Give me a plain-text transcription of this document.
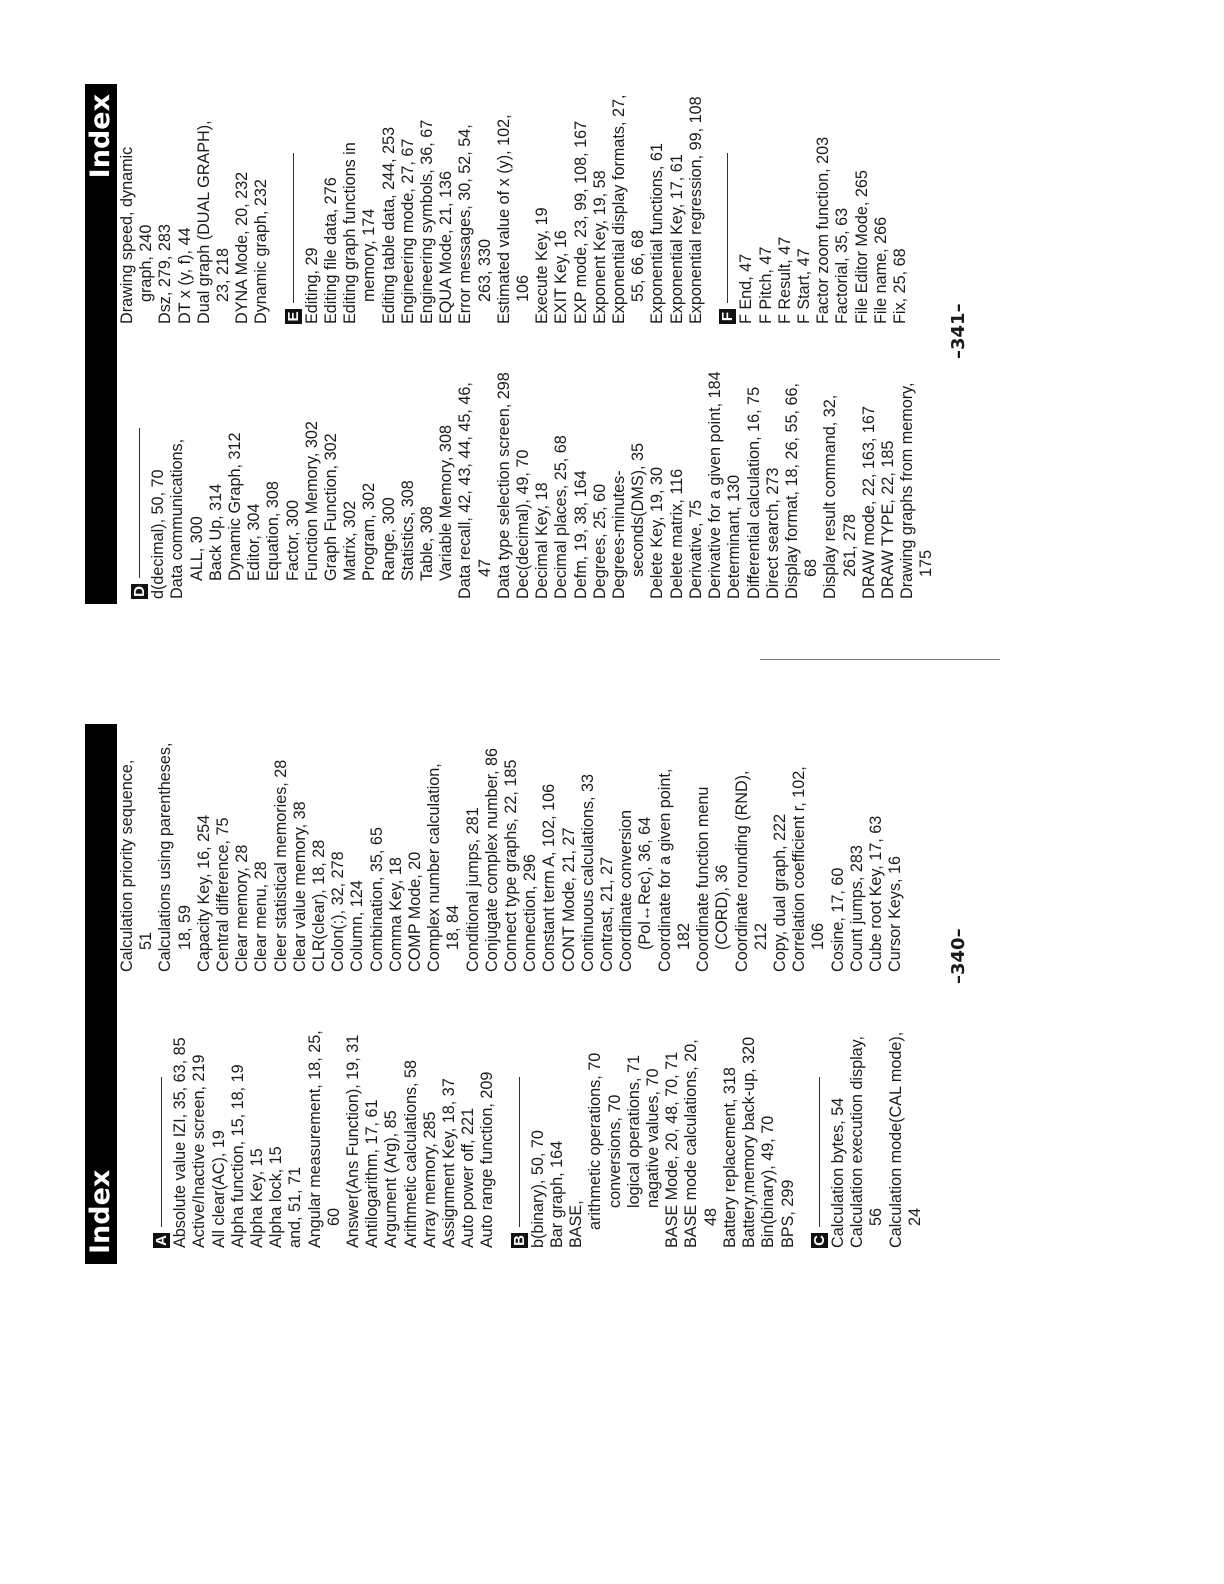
Index A Absolute value IZI, 35, 63, 85 Active/Inactive screen, 219 All clear(AC), 19 Alpha function, 15, 18, 19 Alpha Key, 15 Alpha lock, 15 and, 51, 71 Angular measurement, 18, 25, 60 Answer(Ans Function), 19, 31 Antilogarithm, 17, 61 Argument (Arg), 85 Arithmetic calculations, 58 Array memory, 285 Assignment Key, 18, 37 Auto power off, 221 Auto range function, 209 B b(binary), 50, 70 Bar graph, 164 BASE, arithmetic operations, 70 conversions, 70 logical operations, 71 nagative values, 70 BASE Mode, 20, 48, 70, 71 BASE mode calculations, 20, 48 Battery replacement, 318 Battery,memory back-up, 320 Bin(binary), 49, 70 BPS, 299 C Calculation bytes, 54 Calculation execution display, 56 Calculation mode(CAL mode), 24
Calculation priority sequence, 51 Calculations using parentheses, 18, 59 Capacity Key, 16, 254 Central difference, 75 Clear memory, 28 Clear menu, 28 Cleer statistical memories, 28 Clear value memory, 38 CLR(clear), 18, 28 Colon(:), 32, 278 Column, 124 Combination, 35, 65 Comma Key, 18 COMP Mode, 20 Complex number calculation, 18, 84 Conditional jumps, 281 Conjugate complex number, 86 Connect type graphs, 22, 185 Connection, 296 Constant term A, 102, 106 CONT Mode, 21, 27 Continuous calculations, 33 Contrast, 21, 27 Coordinate conversion (Pol↔Rec), 36, 64 Coordinate for a given point, 182 Coordinate function menu (CORD), 36 Coordinate rounding (RND), 212 Copy, dual graph, 222 Correlation coefficient r, 102, 106 Cosine, 17, 60 Count jumps, 283 Cube root Key, 17, 63 Cursor Keys, 16 –340–
Index
D d(decimal), 50, 70 Data communications, ALL, 300 Back Up, 314 Dynamic Graph, 312 Editor, 304 Equation, 308 Factor, 300 Function Memory, 302 Graph Function, 302 Matrix, 302 Program, 302 Range, 300 Statistics, 308 Table, 308 Variable Memory, 308 Data recall, 42, 43, 44, 45, 46, 47 Data type selection screen, 298 Dec(decimal), 49, 70 Decimal Key, 18 Decimal places, 25, 68 Defm, 19, 38, 164 Degrees, 25, 60 Degrees-minutes- seconds(DMS), 35 Delete Key, 19, 30 Delete matrix, 116 Derivative, 75 Derivative for a given point, 184 Determinant, 130 Differential calculation, 16, 75 Direct search, 273 Display format, 18, 26, 55, 66, 68 Display result command, 32, 261, 278 DRAW mode, 22, 163, 167 DRAW TYPE, 22, 185 Drawing graphs from memory, 175
Drawing speed, dynamic graph, 240 Dsz, 279, 283 DT x (y, f), 44 Dual graph (DUAL GRAPH), 23, 218 DYNA Mode, 20, 232 Dynamic graph, 232 E Editing, 29 Editing file data, 276 Editing graph functions in memory, 174 Editing table data, 244, 253 Engineering mode, 27, 67 Engineering symbols, 36, 67 EQUA Mode, 21, 136 Error messages, 30, 52, 54, 263, 330 Estimated value of x (y), 102, 106 Execute Key, 19 EXIT Key, 16 EXP mode, 23, 99, 108, 167 Exponent Key, 19, 58 Exponential display formats, 27, 55, 66, 68 Exponential functions, 61 Exponential Key, 17, 61 Exponential regression, 99, 108 F F End, 47 F Pitch, 47 F Result, 47 F Start, 47 Factor zoom function, 203 Factorial, 35, 63 File Editor Mode, 265 File name, 266 Fix, 25, 68
–341–
